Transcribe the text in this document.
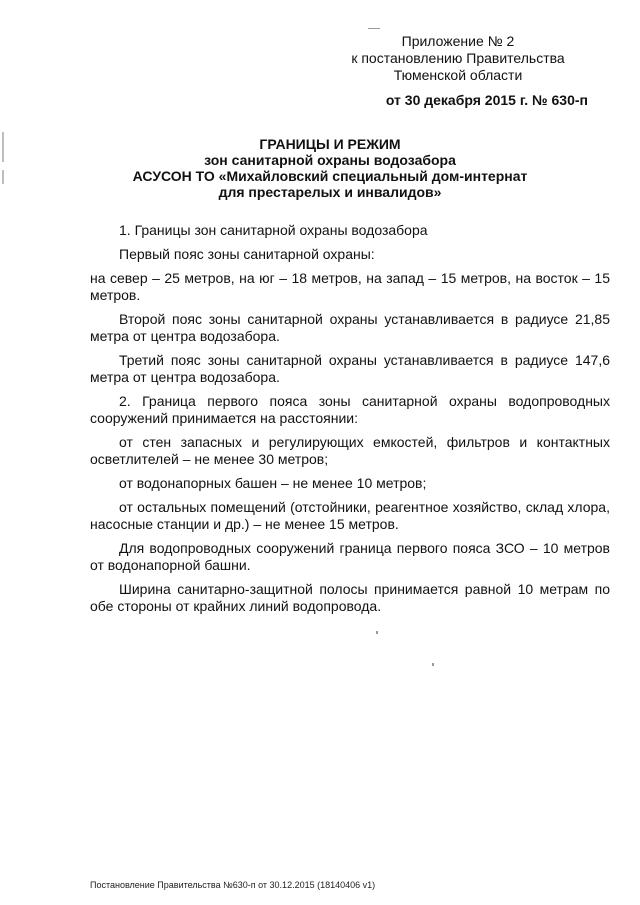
Приложение № 2
к постановлению Правительства
Тюменской области
от 30 декабря 2015 г. № 630-п
ГРАНИЦЫ И РЕЖИМ
зон санитарной охраны водозабора
АСУСОН ТО «Михайловский специальный дом-интернат
для престарелых и инвалидов»

1. Границы зон санитарной охраны водозабора

Первый пояс зоны санитарной охраны:

на север – 25 метров, на юг – 18 метров, на запад – 15 метров, на восток – 15 метров.

Второй пояс зоны санитарной охраны устанавливается в радиусе 21,85 метра от центра водозабора.

Третий пояс зоны санитарной охраны устанавливается в радиусе 147,6 метра от центра водозабора.

2. Граница первого пояса зоны санитарной охраны водопроводных сооружений принимается на расстоянии:

от стен запасных и регулирующих емкостей, фильтров и контактных осветлителей – не менее 30 метров;

от водонапорных башен – не менее 10 метров;

от остальных помещений (отстойники, реагентное хозяйство, склад хлора, насосные станции и др.) – не менее 15 метров.

Для водопроводных сооружений граница первого пояса ЗСО – 10 метров от водонапорной башни.

Ширина санитарно-защитной полосы принимается равной 10 метрам по обе стороны от крайних линий водопровода.

Постановление Правительства №630-п от 30.12.2015 (18140406 v1)
